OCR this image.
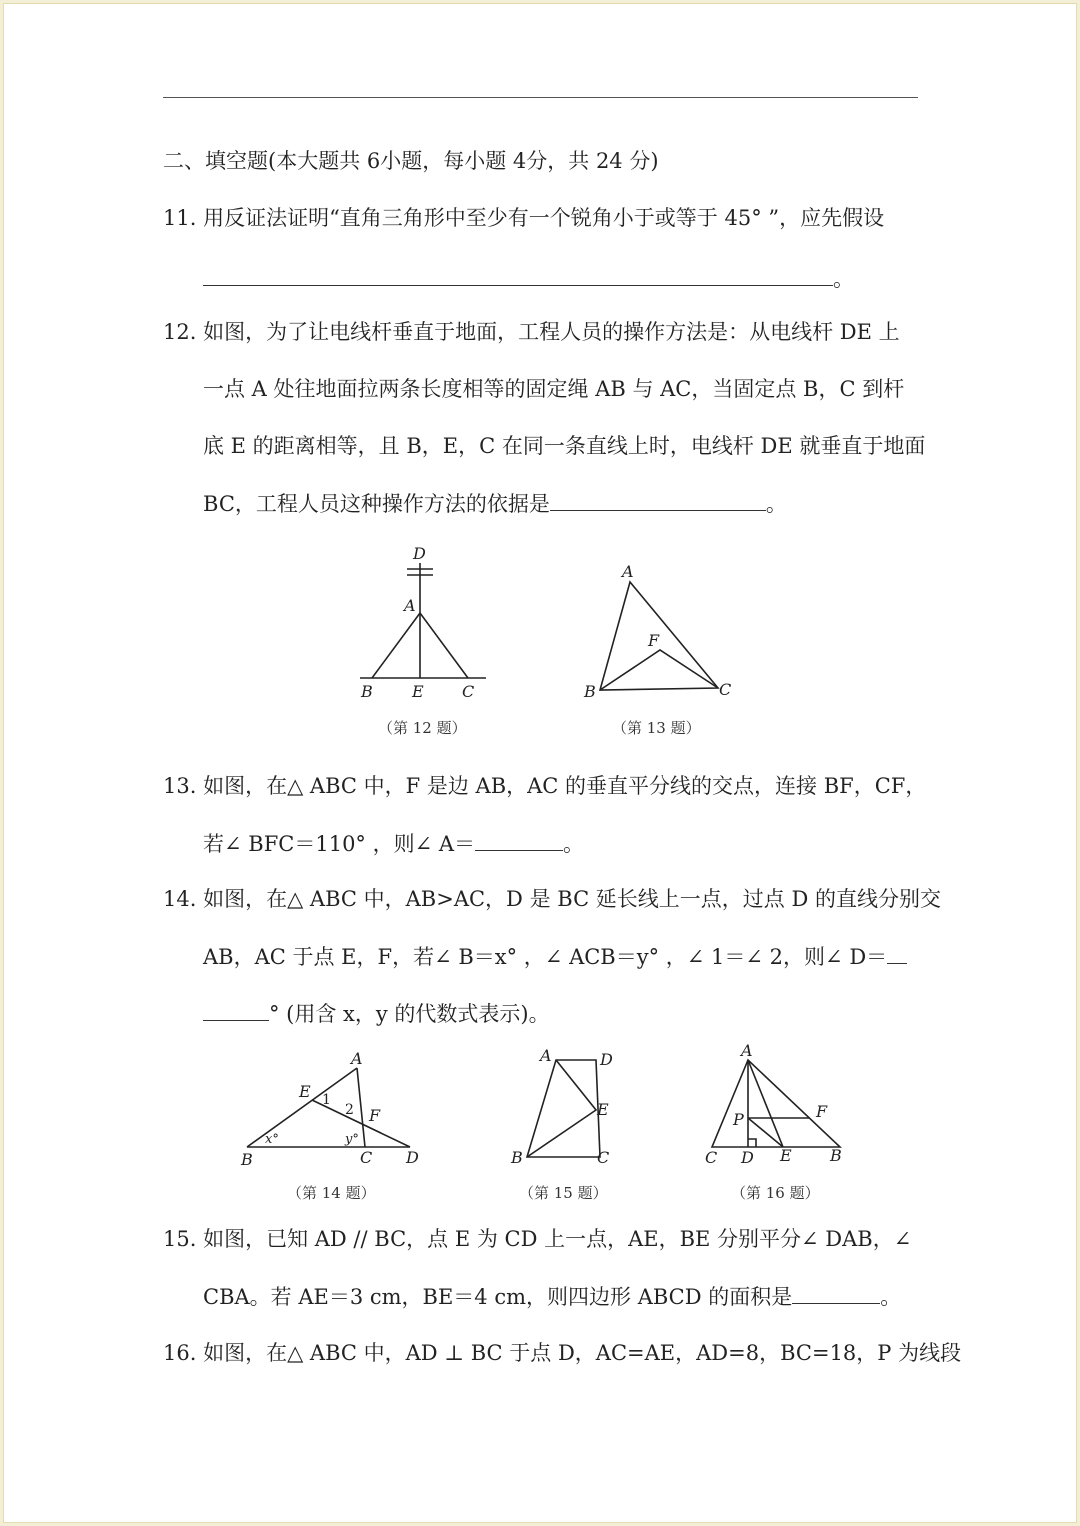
二、填空题(本大题共 6小题，每小题 4分，共 24 分)
11. 用反证法证明“直角三角形中至少有一个锐角小于或等于 45° ”，应先假设
。
12. 如图，为了让电线杆垂直于地面，工程人员的操作方法是：从电线杆 DE 上
一点 A 处往地面拉两条长度相等的固定绳 AB 与 AC，当固定点 B，C 到杆
底 E 的距离相等，且 B，E，C 在同一条直线上时，电线杆 DE 就垂直于地面
BC，工程人员这种操作方法的依据是	。
D
A
B E C
（第 12 题）
A
F
B	C
（第 13 题）
13. 如图，在△ ABC 中，F 是边 AB，AC 的垂直平分线的交点，连接 BF，CF，
若∠ BFC＝110° ，则∠ A＝	。
14. 如图，在△ ABC 中，AB>AC，D 是 BC 延长线上一点，过点 D 的直线分别交
AB，AC 于点 E，F，若∠ B＝x° ，∠ ACB＝y° ，∠ 1＝∠ 2，则∠ D＝
° (用含 x，y 的代数式表示)。
A
E 1
2 F
x°	y°
B	C D
（第 14 题）
A	D
E
B	C
（第 15 题）
A
P	F
C D E B
（第 16 题）
15. 如图，已知 AD // BC，点 E 为 CD 上一点，AE，BE 分别平分∠ DAB，∠
CBA。若 AE＝3 cm，BE＝4 cm，则四边形 ABCD 的面积是	。
16. 如图，在△ ABC 中，AD ⊥ BC 于点 D，AC=AE，AD=8，BC=18，P 为线段
